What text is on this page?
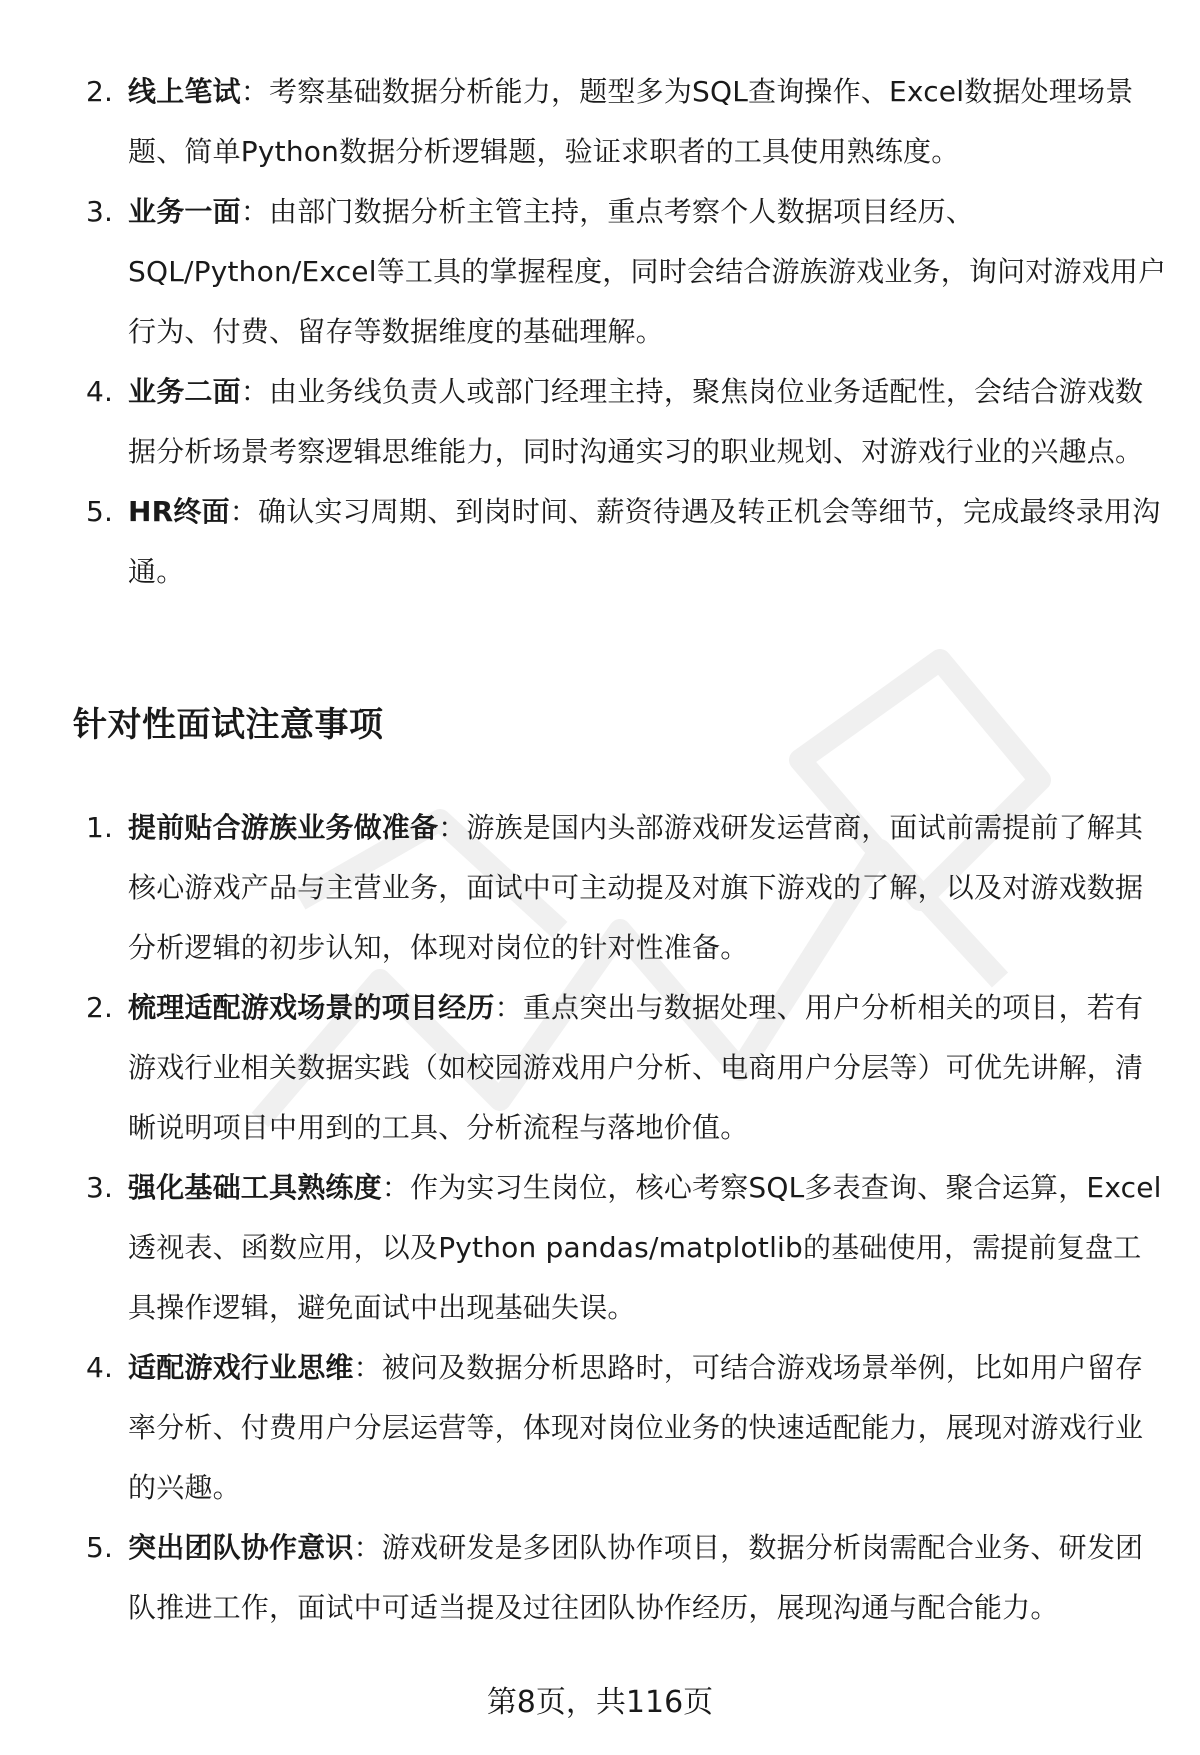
2. 线上笔试：考察基础数据分析能力，题型多为SQL查询操作、Excel数据处理场景题、简单Python数据分析逻辑题，验证求职者的工具使用熟练度。
3. 业务一面：由部门数据分析主管主持，重点考察个人数据项目经历、SQL/Python/Excel等工具的掌握程度，同时会结合游族游戏业务，询问对游戏用户行为、付费、留存等数据维度的基础理解。
4. 业务二面：由业务线负责人或部门经理主持，聚焦岗位业务适配性，会结合游戏数据分析场景考察逻辑思维能力，同时沟通实习的职业规划、对游戏行业的兴趣点。
5. HR终面：确认实习周期、到岗时间、薪资待遇及转正机会等细节，完成最终录用沟通。
针对性面试注意事项
1. 提前贴合游族业务做准备：游族是国内头部游戏研发运营商，面试前需提前了解其核心游戏产品与主营业务，面试中可主动提及对旗下游戏的了解，以及对游戏数据分析逻辑的初步认知，体现对岗位的针对性准备。
2. 梳理适配游戏场景的项目经历：重点突出与数据处理、用户分析相关的项目，若有游戏行业相关数据实践（如校园游戏用户分析、电商用户分层等）可优先讲解，清晰说明项目中用到的工具、分析流程与落地价值。
3. 强化基础工具熟练度：作为实习生岗位，核心考察SQL多表查询、聚合运算，Excel透视表、函数应用，以及Python pandas/matplotlib的基础使用，需提前复盘工具操作逻辑，避免面试中出现基础失误。
4. 适配游戏行业思维：被问及数据分析思路时，可结合游戏场景举例，比如用户留存率分析、付费用户分层运营等，体现对岗位业务的快速适配能力，展现对游戏行业的兴趣。
5. 突出团队协作意识：游戏研发是多团队协作项目，数据分析岗需配合业务、研发团队推进工作，面试中可适当提及过往团队协作经历，展现沟通与配合能力。
第8页，共116页
